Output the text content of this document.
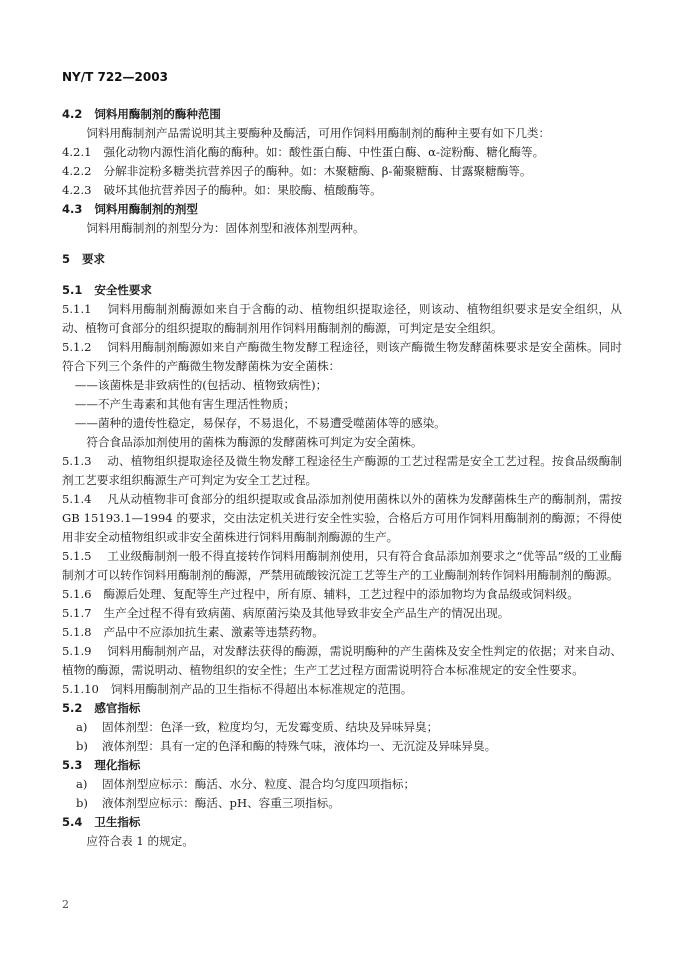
NY/T 722—2003
4.2 饲料用酶制剂的酶种范围
饲料用酶制剂产品需说明其主要酶种及酶活，可用作饲料用酶制剂的酶种主要有如下几类：
4.2.1 强化动物内源性消化酶的酶种。如：酸性蛋白酶、中性蛋白酶、α-淀粉酶、糖化酶等。
4.2.2 分解非淀粉多糖类抗营养因子的酶种。如：木聚糖酶、β-葡聚糖酶、甘露聚糖酶等。
4.2.3 破坏其他抗营养因子的酶种。如：果胶酶、植酸酶等。
4.3 饲料用酶制剂的剂型
饲料用酶制剂的剂型分为：固体剂型和液体剂型两种。
5 要求
5.1 安全性要求
5.1.1 饲料用酶制剂酶源如来自于含酶的动、植物组织提取途径，则该动、植物组织要求是安全组织，从动、植物可食部分的组织提取的酶制剂用作饲料用酶制剂的酶源，可判定是安全组织。
5.1.2 饲料用酶制剂酶源如来自产酶微生物发酵工程途径，则该产酶微生物发酵菌株要求是安全菌株。同时符合下列三个条件的产酶微生物发酵菌株为安全菌株：
——该菌株是非致病性的(包括动、植物致病性)；
——不产生毒素和其他有害生理活性物质；
——菌种的遗传性稳定，易保存，不易退化，不易遭受噬菌体等的感染。
符合食品添加剂使用的菌株为酶源的发酵菌株可判定为安全菌株。
5.1.3 动、植物组织提取途径及微生物发酵工程途径生产酶源的工艺过程需是安全工艺过程。按食品级酶制剂工艺要求组织酶源生产可判定为安全工艺过程。
5.1.4 凡从动植物非可食部分的组织提取或食品添加剂使用菌株以外的菌株为发酵菌株生产的酶制剂，需按 GB 15193.1—1994 的要求，交由法定机关进行安全性实验，合格后方可用作饲料用酶制剂的酶源；不得使用非安全动植物组织或非安全菌株进行饲料用酶制剂酶源的生产。
5.1.5 工业级酶制剂一般不得直接转作饲料用酶制剂使用，只有符合食品添加剂要求之“优等品”级的工业酶制剂才可以转作饲料用酶制剂的酶源，严禁用硫酸铵沉淀工艺等生产的工业酶制剂转作饲料用酶制剂的酶源。
5.1.6 酶源后处理、复配等生产过程中，所有原、辅料，工艺过程中的添加物均为食品级或饲料级。
5.1.7 生产全过程不得有致病菌、病原菌污染及其他导致非安全产品生产的情况出现。
5.1.8 产品中不应添加抗生素、激素等违禁药物。
5.1.9 饲料用酶制剂产品，对发酵法获得的酶源，需说明酶种的产生菌株及安全性判定的依据；对来自动、植物的酶源，需说明动、植物组织的安全性；生产工艺过程方面需说明符合本标准规定的安全性要求。
5.1.10 饲料用酶制剂产品的卫生指标不得超出本标准规定的范围。
5.2 感官指标
a)	固体剂型：色泽一致，粒度均匀，无发霉变质、结块及异味异臭；
b)	液体剂型：具有一定的色泽和酶的特殊气味，液体均一、无沉淀及异味异臭。
5.3 理化指标
a)	固体剂型应标示：酶活、水分、粒度、混合均匀度四项指标；
b)	液体剂型应标示：酶活、pH、容重三项指标。
5.4 卫生指标
应符合表 1 的规定。
2
